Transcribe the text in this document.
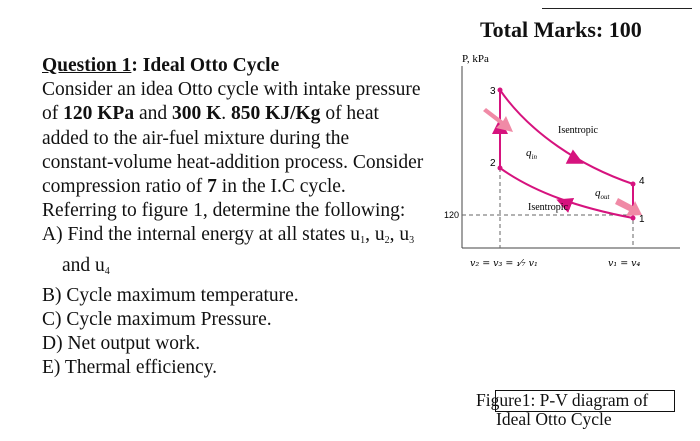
Total Marks: 100
Question 1: Ideal Otto Cycle
Consider an idea Otto cycle with intake pressure
of 120 KPa and 300 K. 850 KJ/Kg of heat
added to the air-fuel mixture during the
constant-volume heat-addition process. Consider
compression ratio of 7 in the I.C cycle.
Referring to figure 1, determine the following:
A) Find the internal energy at all states $u_1$, $u_2$, $u_3$
and $u_4$
B) Cycle maximum temperature.
C) Cycle maximum Pressure.
D) Net output work.
E) Thermal efficiency.
P, kPa
120
3
2
4
1
Isentropic
Isentropic
$q_{in}$
$q_{out}$
v₂ = v₃ = ₁⁄₇ v₁	v₁ = v₄
Figure1: P-V diagram of
Ideal Otto Cycle
